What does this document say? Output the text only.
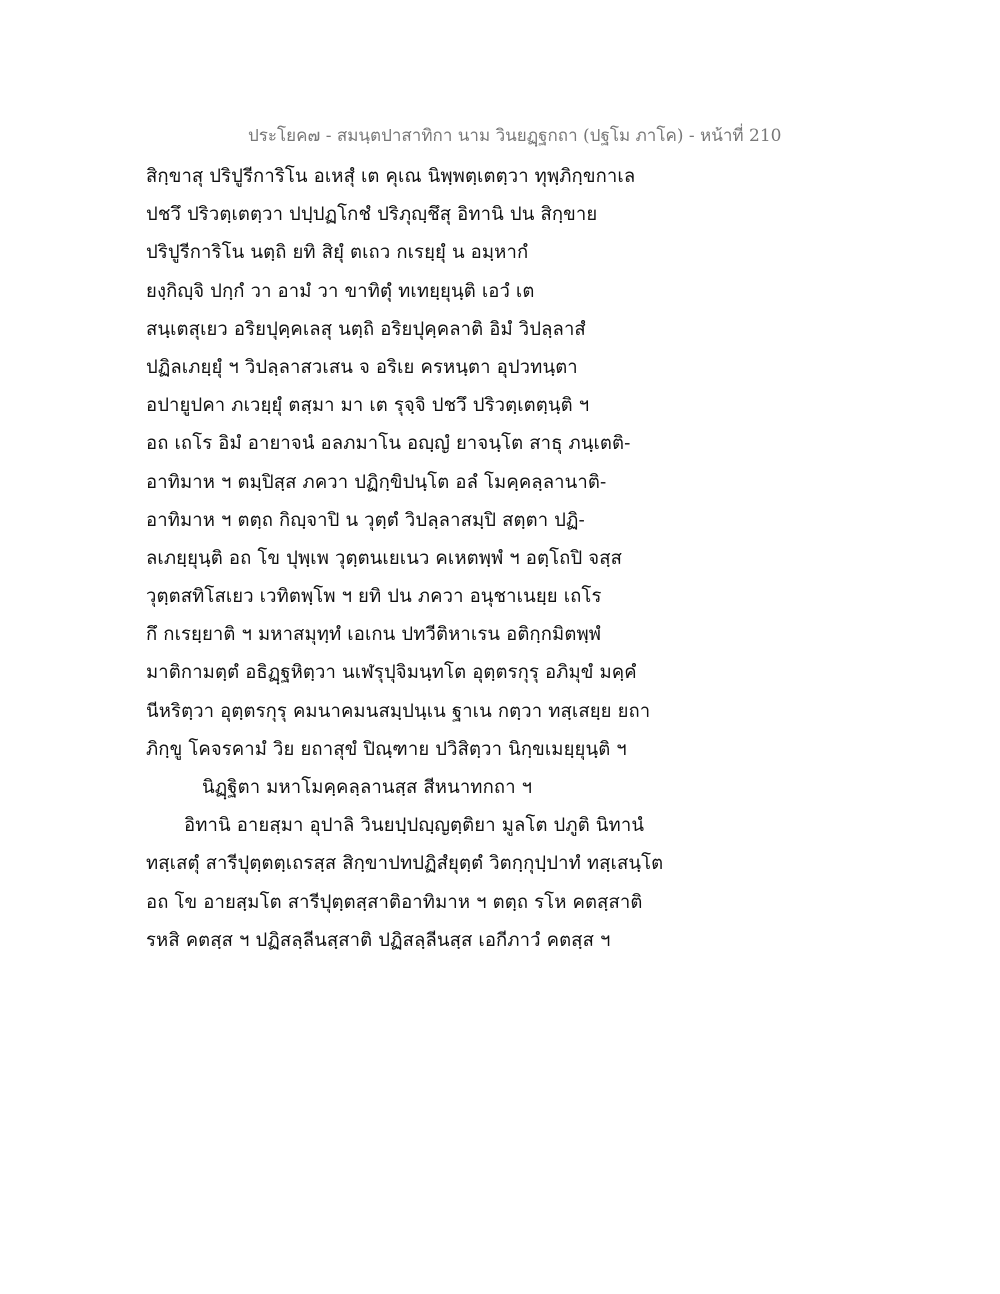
ประโยค๗ - สมนฺตปาสาทิกา นาม วินยฏฺฐกถา (ปฐโม ภาโค) - หน้าที่ 210
สิกฺขาสุ ปริปูรีการิโน อเหสุํ เต คุเณ นิพฺพตฺเตตฺวา ทุพฺภิกฺขกาเล
ปชวึ ปริวตฺเตตฺวา ปปฺปฏโกชํ ปริภุญฺชึสุ อิทานิ ปน สิกฺขาย
ปริปูรีการิโน นตฺถิ ยทิ สิยุํ ตเถว กเรยฺยุํ น อมฺหากํ
ยงฺกิญฺจิ ปกฺกํ วา อามํ วา ขาทิตุํ ทเทยฺยุนฺติ เอวํ เต
สนฺเตสุเยว อริยปุคฺคเลสุ นตฺถิ อริยปุคฺคลาติ อิมํ วิปลฺลาสํ
ปฏิลเภยฺยุํ ฯ วิปลฺลาสวเสน จ อริเย ครหนฺตา อุปวทนฺตา
อปายูปคา ภเวยฺยุํ ตสฺมา มา เต รุจฺจิ ปชวึ ปริวตฺเตตฺนฺติ ฯ
อถ เถโร อิมํ อายาจนํ อลภมาโน อญฺญํ ยาจนฺโต สาธุ ภนฺเตติ-
อาทิมาห ฯ ตมฺปิสฺส ภควา ปฏิกฺขิปนฺโต อลํ โมคฺคลฺลานาติ-
อาทิมาห ฯ ตตฺถ กิญฺจาปิ น วุตฺตํ วิปลฺลาสมฺปิ สตฺตา ปฏิ-
ลเภยฺยุนฺติ อถ โข ปุพฺเพ วุตฺตนเยเนว คเหตพฺพํ ฯ อตฺโถปิ จสฺส
วุตฺตสทิโสเยว เวทิตพฺโพ ฯ ยทิ ปน ภควา อนุชาเนยฺย เถโร
กึ กเรยฺยาติ ฯ มหาสมุทฺทํ เอเกน ปทวีติหาเรน อติกฺกมิตพฺพํ
มาติกามตฺตํ อธิฏฺฐหิตฺวา นเฬรุปุจิมนฺทโต อุตฺตรกุรุ อภิมุขํ มคฺคํ
นีหริตฺวา อุตฺตรกุรุ คมนาคมนสมฺปนฺเน ฐาเน กตฺวา ทสฺเสยฺย ยถา
ภิกฺขู โคจรคามํ วิย ยถาสุขํ ปิณฺฑาย ปวิสิตฺวา นิกฺขเมยฺยุนฺติ ฯ
นิฏฺฐิตา มหาโมคฺคลฺลานสฺส สีหนาทกถา ฯ
อิทานิ อายสฺมา อุปาลิ วินยปฺปญฺญตฺติยา มูลโต ปภูติ นิทานํ
ทสฺเสตุํ สารีปุตฺตตฺเถรสฺส สิกฺขาปทปฏิสํยุตฺตํ วิตกฺกุปฺปาทํ ทสฺเสนฺโต
อถ โข อายสฺมโต สารีปุตฺตสฺสาติอาทิมาห ฯ ตตฺถ รโห คตสฺสาติ
รหสิ คตสฺส ฯ ปฏิสลฺลีนสฺสาติ ปฏิสลฺลีนสฺส เอกีภาวํ คตสฺส ฯ
